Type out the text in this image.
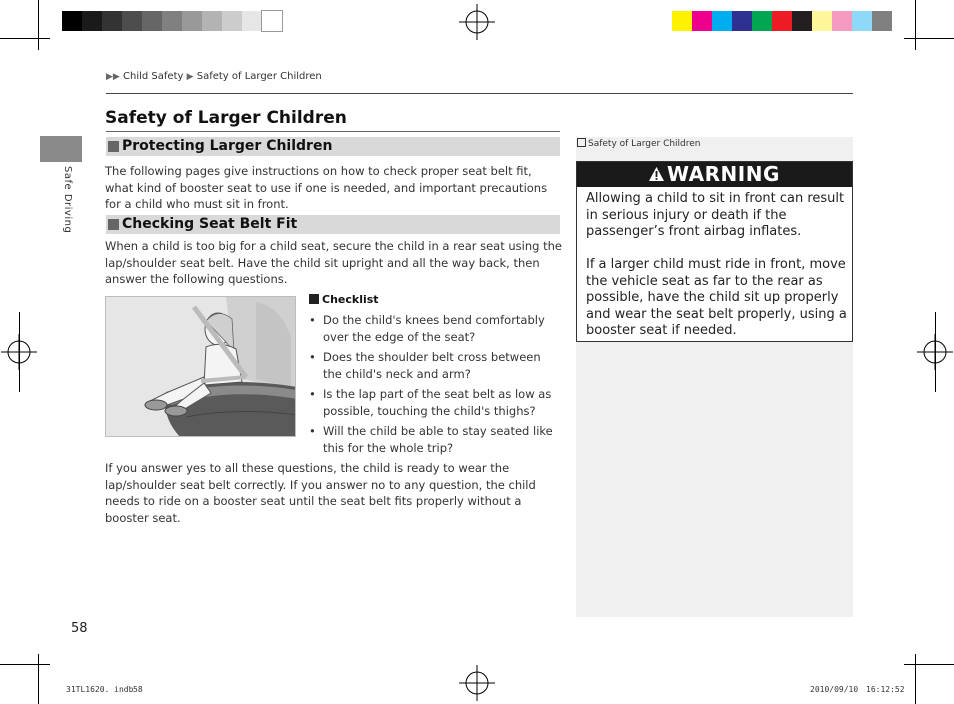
▶▶ Child Safety ▶ Safety of Larger Children
Safe Driving
Safety of Larger Children
Protecting Larger Children
The following pages give instructions on how to check proper seat belt fit, what kind of booster seat to use if one is needed, and important precautions for a child who must sit in front.
Checking Seat Belt Fit
When a child is too big for a child seat, secure the child in a rear seat using the lap/shoulder seat belt. Have the child sit upright and all the way back, then answer the following questions.
Checklist
• Do the child's knees bend comfortably over the edge of the seat?
• Does the shoulder belt cross between the child's neck and arm?
• Is the lap part of the seat belt as low as possible, touching the child's thighs?
• Will the child be able to stay seated like this for the whole trip?
If you answer yes to all these questions, the child is ready to wear the lap/shoulder seat belt correctly. If you answer no to any question, the child needs to ride on a booster seat until the seat belt fits properly without a booster seat.
Safety of Larger Children
WARNING
Allowing a child to sit in front can result in serious injury or death if the passenger’s front airbag inflates.
If a larger child must ride in front, move the vehicle seat as far to the rear as possible, have the child sit up properly and wear the seat belt properly, using a booster seat if needed.
58
31TL1620. indb 58	2010/09/10 16:12:52
